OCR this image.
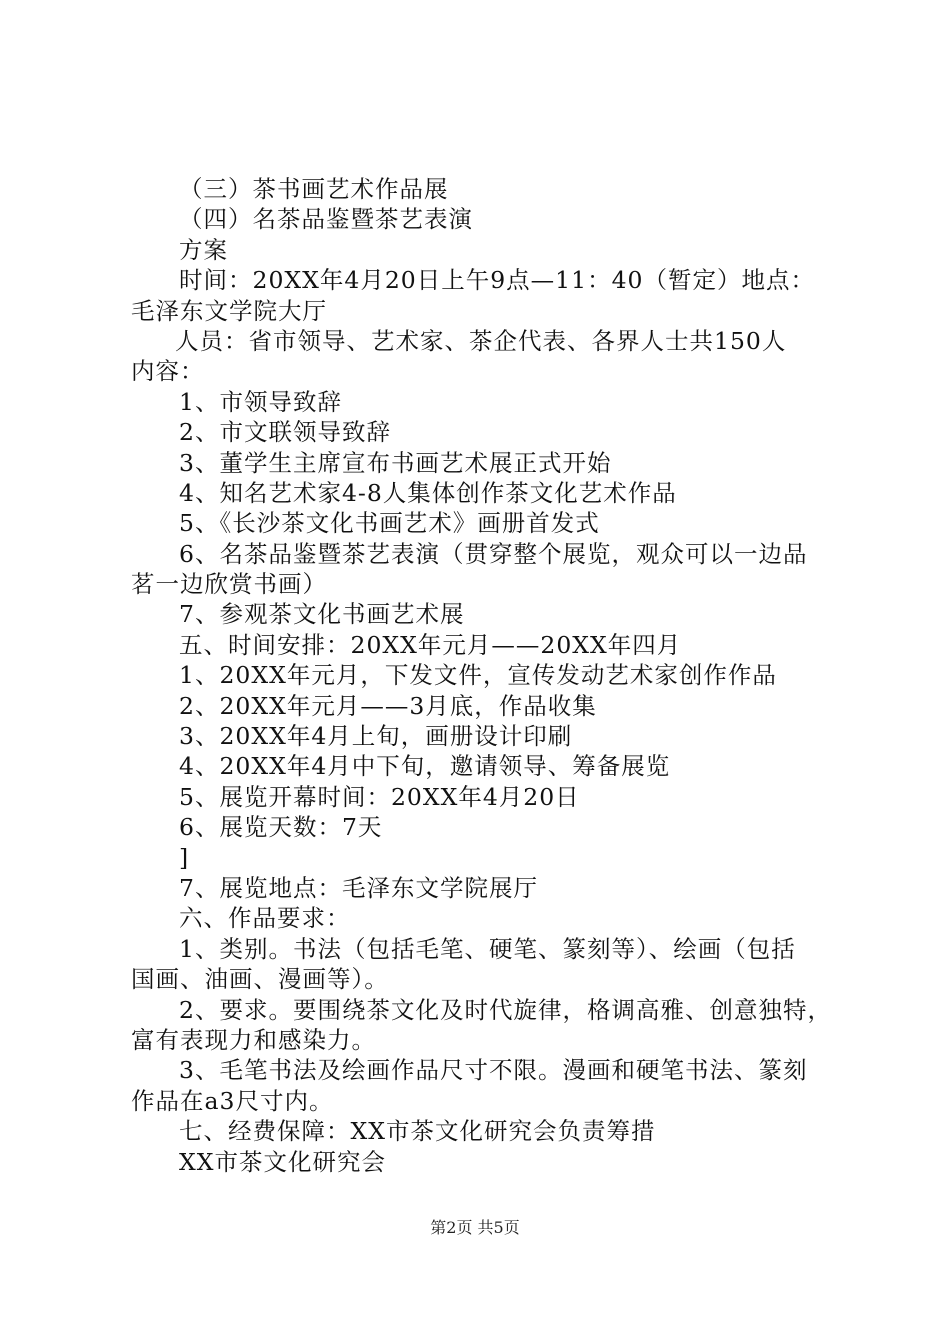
（三）茶书画艺术作品展
（四）名茶品鉴暨茶艺表演
方案
时间：20XX年4月20日上午9点—11：40（暂定）地点：
毛泽东文学院大厅
人员：省市领导、艺术家、茶企代表、各界人士共150人
内容：
1、市领导致辞
2、市文联领导致辞
3、董学生主席宣布书画艺术展正式开始
4、知名艺术家4-8人集体创作茶文化艺术作品
5、《长沙茶文化书画艺术》画册首发式
6、名茶品鉴暨茶艺表演（贯穿整个展览，观众可以一边品
茗一边欣赏书画）
7、参观茶文化书画艺术展
五、时间安排：20XX年元月——20XX年四月
1、20XX年元月，下发文件，宣传发动艺术家创作作品
2、20XX年元月——3月底，作品收集
3、20XX年4月上旬，画册设计印刷
4、20XX年4月中下旬，邀请领导、筹备展览
5、展览开幕时间：20XX年4月20日
6、展览天数：7天
]
7、展览地点：毛泽东文学院展厅
六、作品要求：
1、类别。书法（包括毛笔、硬笔、篆刻等）、绘画（包括
国画、油画、漫画等）。
2、要求。要围绕茶文化及时代旋律，格调高雅、创意独特，
富有表现力和感染力。
3、毛笔书法及绘画作品尺寸不限。漫画和硬笔书法、篆刻
作品在a3尺寸内。
七、经费保障：XX市茶文化研究会负责筹措
XX市茶文化研究会
第2页 共5页
